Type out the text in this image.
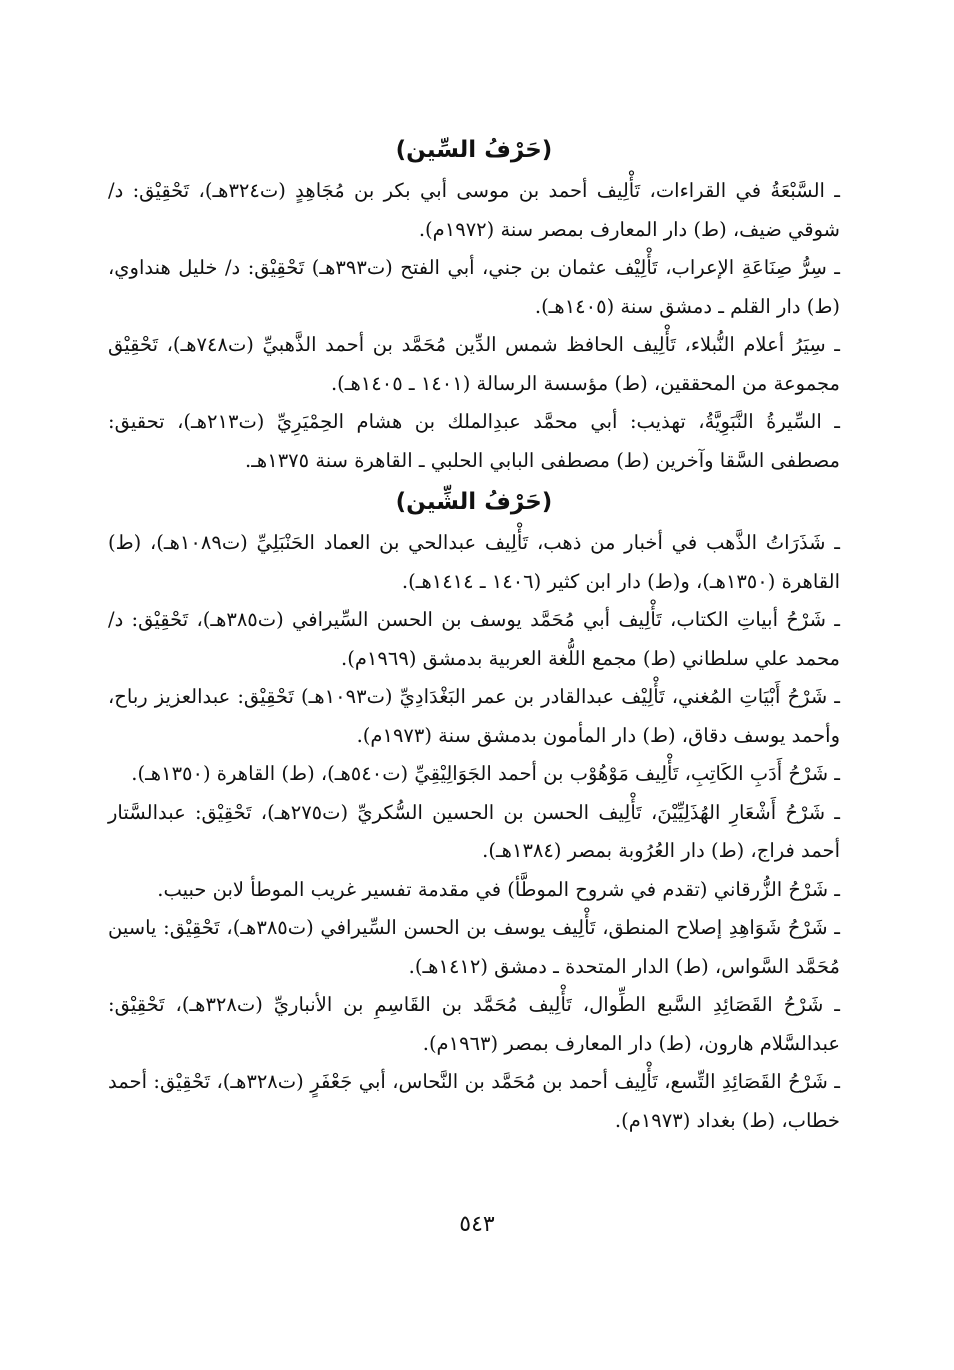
(حَرْفُ السِّين)

ـ السَّبْعَةُ في القراءات، تَأْلِيف أحمد بن موسى أبي بكر بن مُجَاهِدٍ (ت٣٢٤هـ)، تَحْقِيْق: د/ شوقي ضيف، (ط) دار المعارف بمصر سنة (١٩٧٢م).

ـ سِرُّ صِنَاعَةِ الإعراب، تَأْلِيْف عثمان بن جني، أبي الفتح (ت٣٩٣هـ) تَحْقِيْق: د/ خليل هنداوي، (ط) دار القلم ـ دمشق سنة (١٤٠٥هـ).

ـ سِيَرُ أعلام النُّبلاء، تَأْلِيف الحافظ شمس الدِّين مُحَمَّد بن أحمد الذَّهبيِّ (ت٧٤٨هـ)، تَحْقِيْق مجموعة من المحققين، (ط) مؤسسة الرسالة (١٤٠١ ـ ١٤٠٥هـ).

ـ السِّيرةُ النَّبَوِيَّةُ، تهذيب: أبي محمَّد عبدِالملك بن هشام الحِمْيَرِيِّ (ت٢١٣هـ)، تحقيق: مصطفى السَّقا وآخرين (ط) مصطفى البابي الحلبي ـ القاهرة سنة ١٣٧٥هـ.

(حَرْفُ الشِّين)

ـ شَذَرَاتُ الذَّهب في أخبار من ذهب، تَأْلِيف عبدالحي بن العماد الحَنْبَلِيِّ (ت١٠٨٩هـ)، (ط) القاهرة (١٣٥٠هـ)، و(ط) دار ابن كثير (١٤٠٦ ـ ١٤١٤هـ).

ـ شَرْحُ أبياتِ الكتاب، تَأْلِيف أبي مُحَمَّد يوسف بن الحسن السِّيرافي (ت٣٨٥هـ)، تَحْقِيْق: د/ محمد علي سلطاني (ط) مجمع اللُّغة العربية بدمشق (١٩٦٩م).

ـ شَرْحُ أَبْيَاتِ المُغني، تَأْلِيْف عبدالقادر بن عمر البَغْدَادِيِّ (ت١٠٩٣هـ) تَحْقِيْق: عبدالعزيز رباح، وأحمد يوسف دقاق، (ط) دار المأمون بدمشق سنة (١٩٧٣م).

ـ شَرْحُ أَدَبِ الكَاتِبِ، تَأْلِيف مَوْهُوْب بن أحمد الجَوَالِيْقِيِّ (ت٥٤٠هـ)، (ط) القاهرة (١٣٥٠هـ).

ـ شَرْحُ أَشْعَارِ الهُذَلِيِّيْنَ، تَأْلِيف الحسن بن الحسين السُّكريِّ (ت٢٧٥هـ)، تَحْقِيْق: عبدالسَّتار أحمد فراج، (ط) دار العُرُوبة بمصر (١٣٨٤هـ).

ـ شَرْحُ الزُّرقاني (تقدم في شروح الموطَّأ) في مقدمة تفسير غريب الموطأ لابن حبيب.

ـ شَرْحُ شَوَاهِدِ إصلاح المنطق، تَأْلِيف يوسف بن الحسن السِّيرافي (ت٣٨٥هـ)، تَحْقِيْق: ياسين مُحَمَّد السَّواس، (ط) الدار المتحدة ـ دمشق (١٤١٢هـ).

ـ شَرْحُ القَصَائِدِ السَّبع الطِّوال، تَأْلِيف مُحَمَّد بن القَاسِمِ بن الأنباريِّ (ت٣٢٨هـ)، تَحْقِيْق: عبدالسَّلام هارون، (ط) دار المعارف بمصر (١٩٦٣م).

ـ شَرْحُ القَصَائِدِ التِّسع، تَأْلِيف أحمد بن مُحَمَّد بن النَّحاس، أبي جَعْفَرٍ (ت٣٢٨هـ)، تَحْقِيْق: أحمد خطاب، (ط) بغداد (١٩٧٣م).

٥٤٣
